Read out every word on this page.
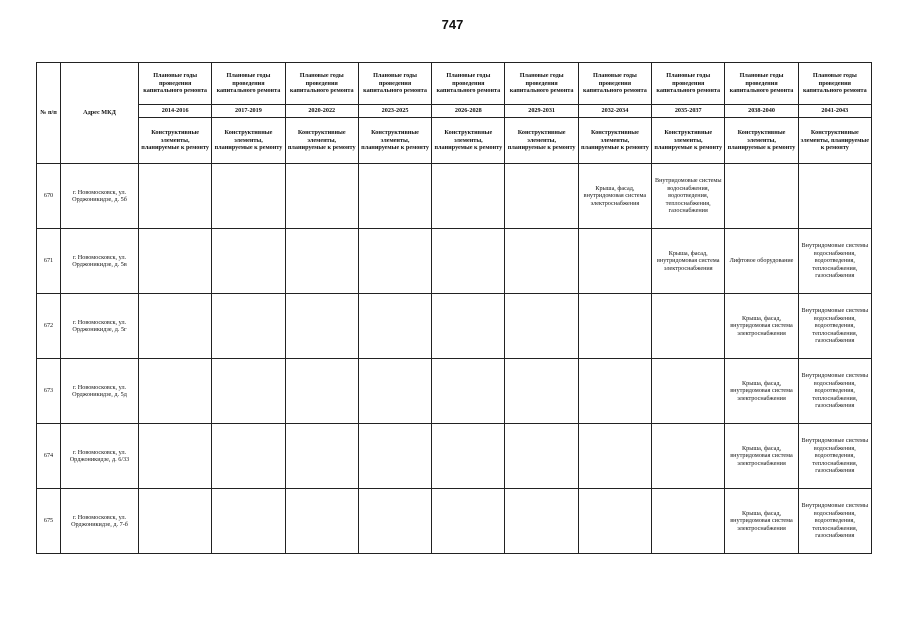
747
№ п/п	Адрес МКД	Плановые годы проведения капитального ремонта	Плановые годы проведения капитального ремонта	Плановые годы проведения капитального ремонта	Плановые годы проведения капитального ремонта	Плановые годы проведения капитального ремонта	Плановые годы проведения капитального ремонта	Плановые годы проведения капитального ремонта	Плановые годы проведения капитального ремонта	Плановые годы проведения капитального ремонта	Плановые годы проведения капитального ремонта
		2014-2016	2017-2019	2020-2022	2023-2025	2026-2028	2029-2031	2032-2034	2035-2037	2038-2040	2041-2043
		Конструктивные элементы, планируемые к ремонту	Конструктивные элементы, планируемые к ремонту	Конструктивные элементы, планируемые к ремонту	Конструктивные элементы, планируемые к ремонту	Конструктивные элементы, планируемые к ремонту	Конструктивные элементы, планируемые к ремонту	Конструктивные элементы, планируемые к ремонту	Конструктивные элементы, планируемые к ремонту	Конструктивные элементы, планируемые к ремонту	Конструктивные элементы, планируемые к ремонту
670	г. Новомосковск, ул. Орджоникидзе, д. 5б							Крыша, фасад, внутридомовая система электроснабжения	Внутридомовые системы водоснабжения, водоотведения, теплоснабжения, газоснабжения		
671	г. Новомосковск, ул. Орджоникидзе, д. 5в								Крыша, фасад, внутридомовая система электроснабжения	Лифтовое оборудование	Внутридомовые системы водоснабжения, водоотведения, теплоснабжения, газоснабжения
672	г. Новомосковск, ул. Орджоникидзе, д. 5г									Крыша, фасад, внутридомовая система электроснабжения	Внутридомовые системы водоснабжения, водоотведения, теплоснабжения, газоснабжения
673	г. Новомосковск, ул. Орджоникидзе, д. 5д									Крыша, фасад, внутридомовая система электроснабжения	Внутридомовые системы водоснабжения, водоотведения, теплоснабжения, газоснабжения
674	г. Новомосковск, ул. Орджоникидзе, д. 6/33									Крыша, фасад, внутридомовая система электроснабжения	Внутридомовые системы водоснабжения, водоотведения, теплоснабжения, газоснабжения
675	г. Новомосковск, ул. Орджоникидзе, д. 7-б									Крыша, фасад, внутридомовая система электроснабжения	Внутридомовые системы водоснабжения, водоотведения, теплоснабжения, газоснабжения
